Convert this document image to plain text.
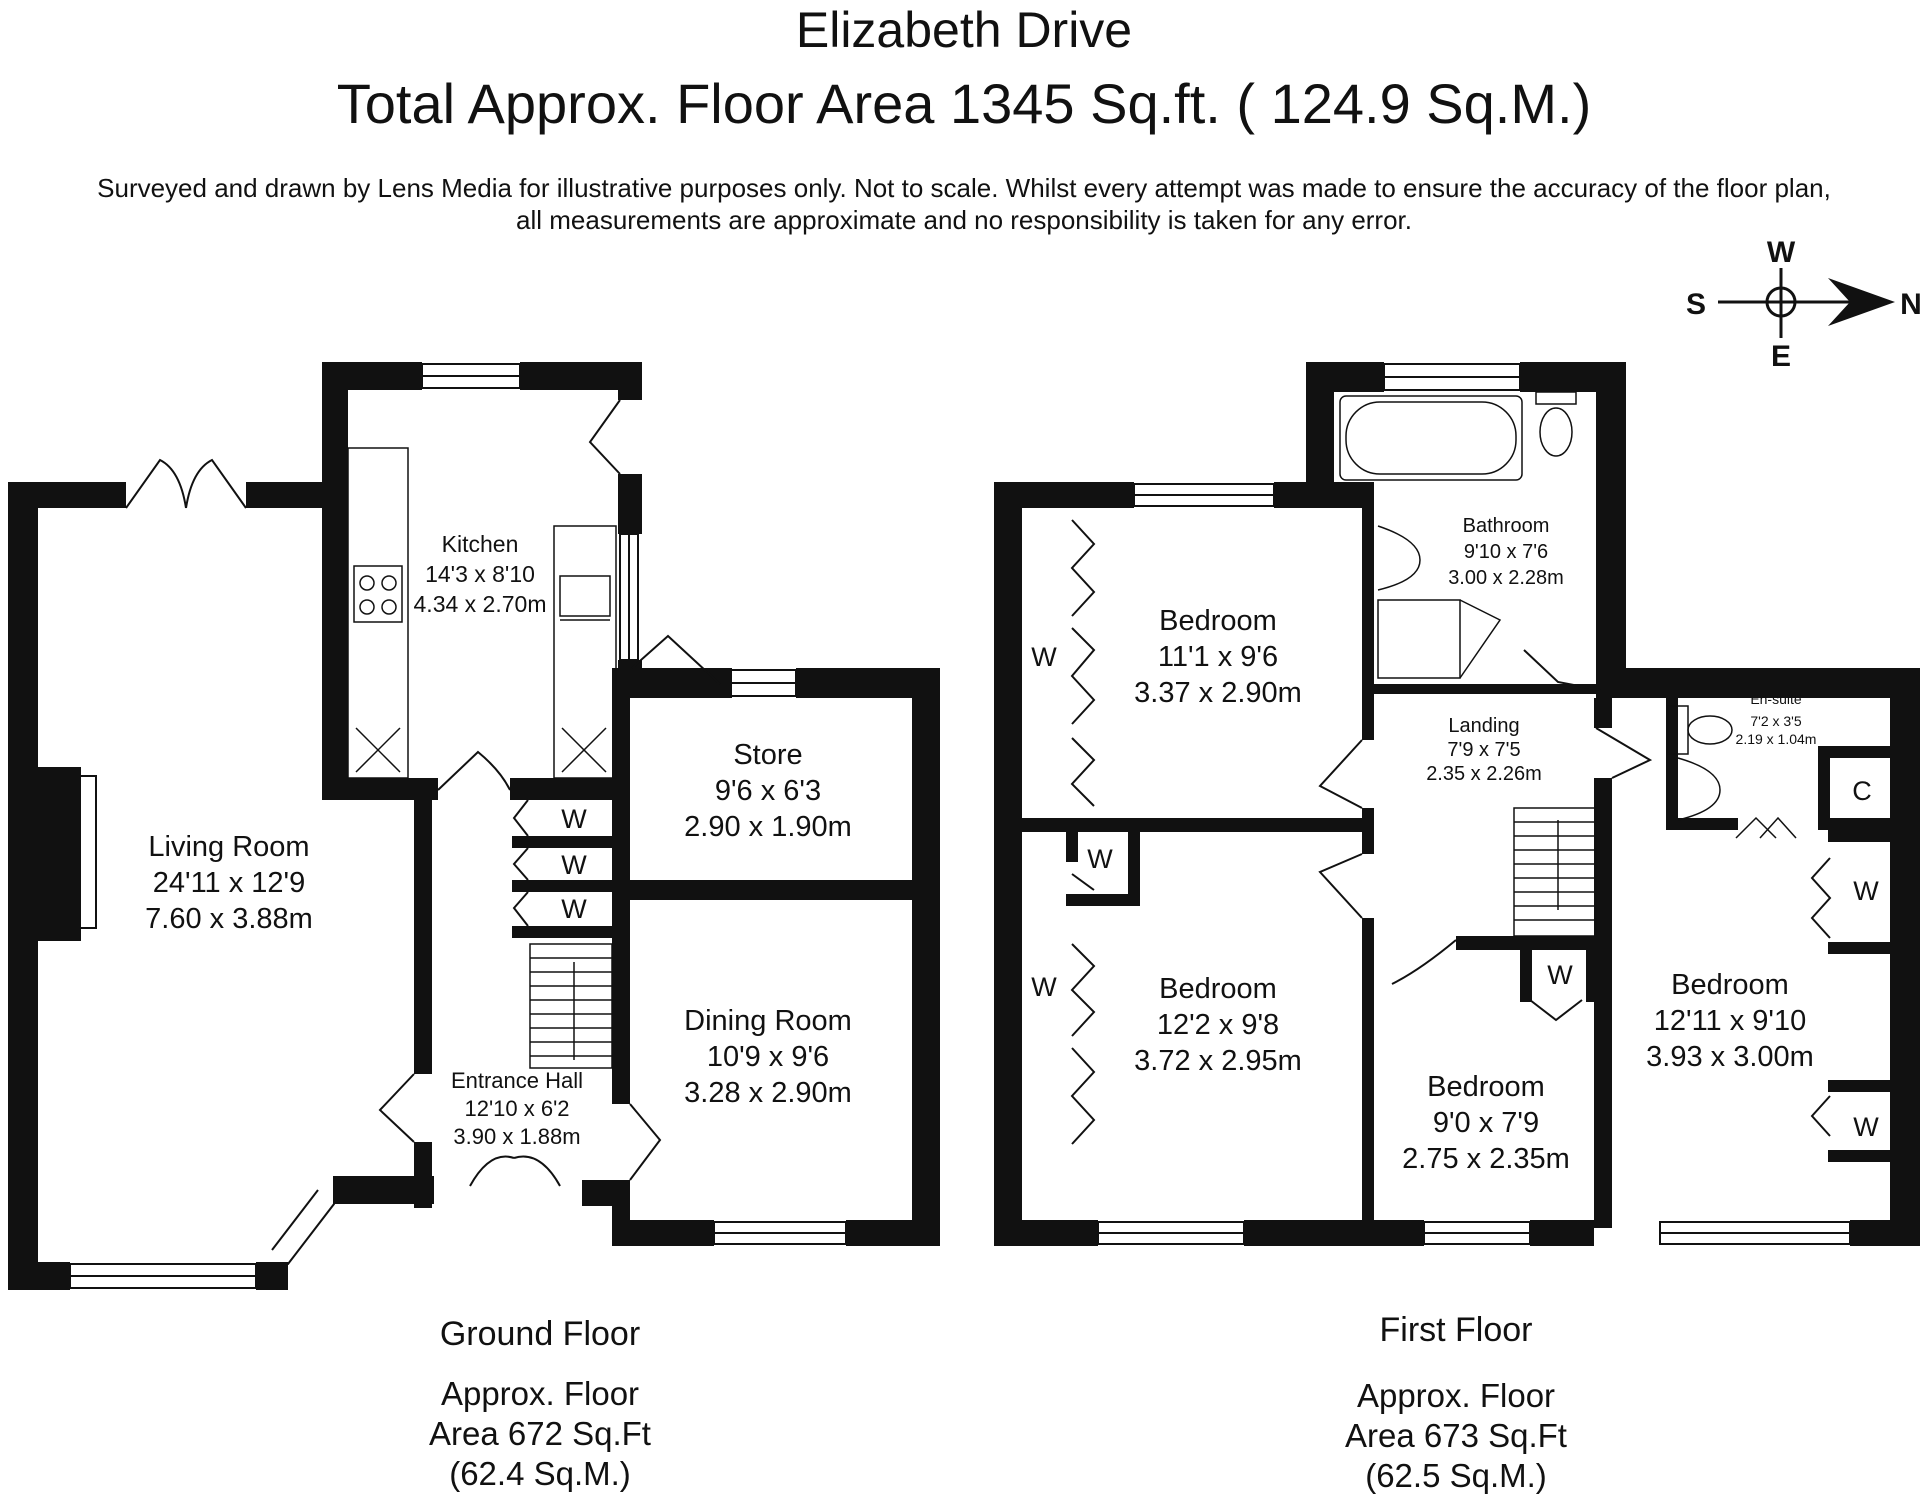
Elizabeth Drive
Total Approx. Floor Area 1345 Sq.ft. ( 124.9 Sq.M.)
Surveyed and drawn by Lens Media for illustrative purposes only. Not to scale. Whilst every attempt was made to ensure the accuracy of the floor plan,
all measurements are approximate and no responsibility is taken for any error.
W
E
S	N
Living Room
24'11 x 12'9
7.60 x 3.88m
Kitchen
14'3 x 8'10
4.34 x 2.70m
Store
9'6 x 6'3
2.90 x 1.90m
Dining Room
10'9 x 9'6
3.28 x 2.90m
Entrance Hall
12'10 x 6'2
3.90 x 1.88m
W
W
W
Bedroom
11'1 x 9'6
3.37 x 2.90m
Bedroom
12'2 x 9'8
3.72 x 2.95m
Bedroom
9'0 x 7'9
2.75 x 2.35m
Bedroom
12'11 x 9'10
3.93 x 3.00m
Bathroom
9'10 x 7'6
3.00 x 2.28m
Landing
7'9 x 7'5
2.35 x 2.26m
En-suite
7'2 x 3'5
2.19 x 1.04m
W
W
W
W
W
W
C
Ground Floor
Approx. Floor
Area 672 Sq.Ft
(62.4 Sq.M.)
First Floor
Approx. Floor
Area 673 Sq.Ft
(62.5 Sq.M.)
